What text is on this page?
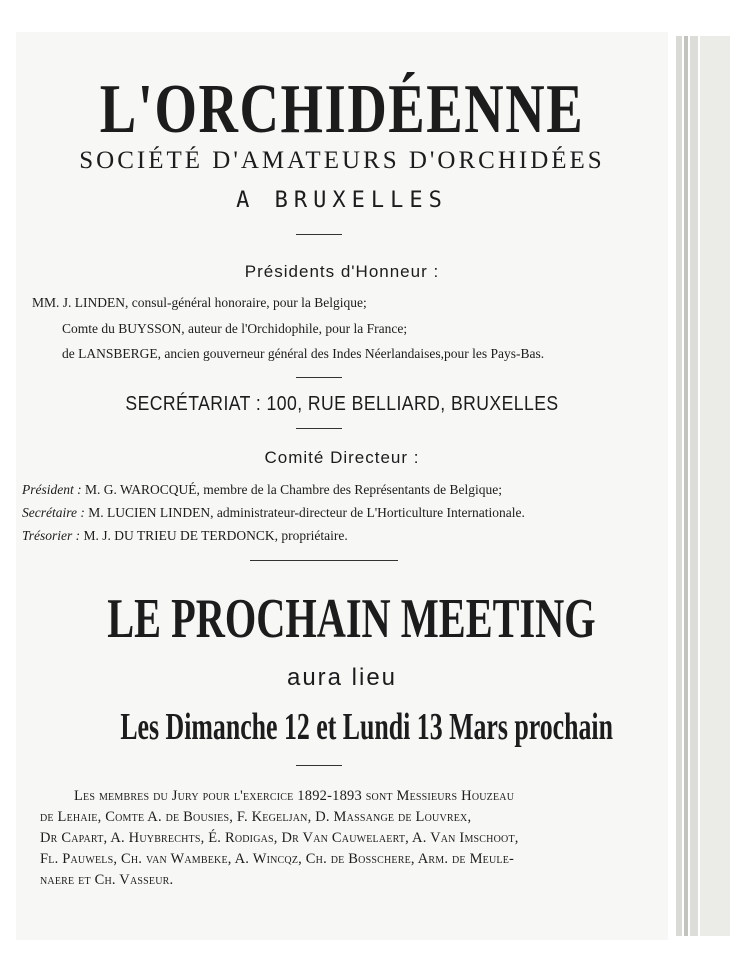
L'ORCHIDÉENNE
SOCIÉTÉ D'AMATEURS D'ORCHIDÉES
A BRUXELLES
Présidents d'Honneur :
MM. J. LINDEN, consul-général honoraire, pour la Belgique;
Comte du BUYSSON, auteur de l'Orchidophile, pour la France;
de LANSBERGE, ancien gouverneur général des Indes Néerlandaises,pour les Pays-Bas.
SECRÉTARIAT : 100, RUE BELLIARD, BRUXELLES
Comité Directeur :
Président : M. G. WAROCQUÉ, membre de la Chambre des Représentants de Belgique;
Secrétaire : M. LUCIEN LINDEN, administrateur-directeur de L'Horticulture Internationale.
Trésorier : M. J. DU TRIEU DE TERDONCK, propriétaire.
LE PROCHAIN MEETING
aura lieu
Les Dimanche 12 et Lundi 13 Mars prochain
Les membres du Jury pour l'exercice 1892-1893 sont Messieurs Houzeau
de Lehaie, Comte A. de Bousies, F. Kegeljan, D. Massange de Louvrex,
Dr Capart, A. Huybrechts, É. Rodigas, Dr Van Cauwelaert, A. Van Imschoot,
Fl. Pauwels, Ch. van Wambeke, A. Wincqz, Ch. de Bosschere, Arm. de Meule-
naere et Ch. Vasseur.
